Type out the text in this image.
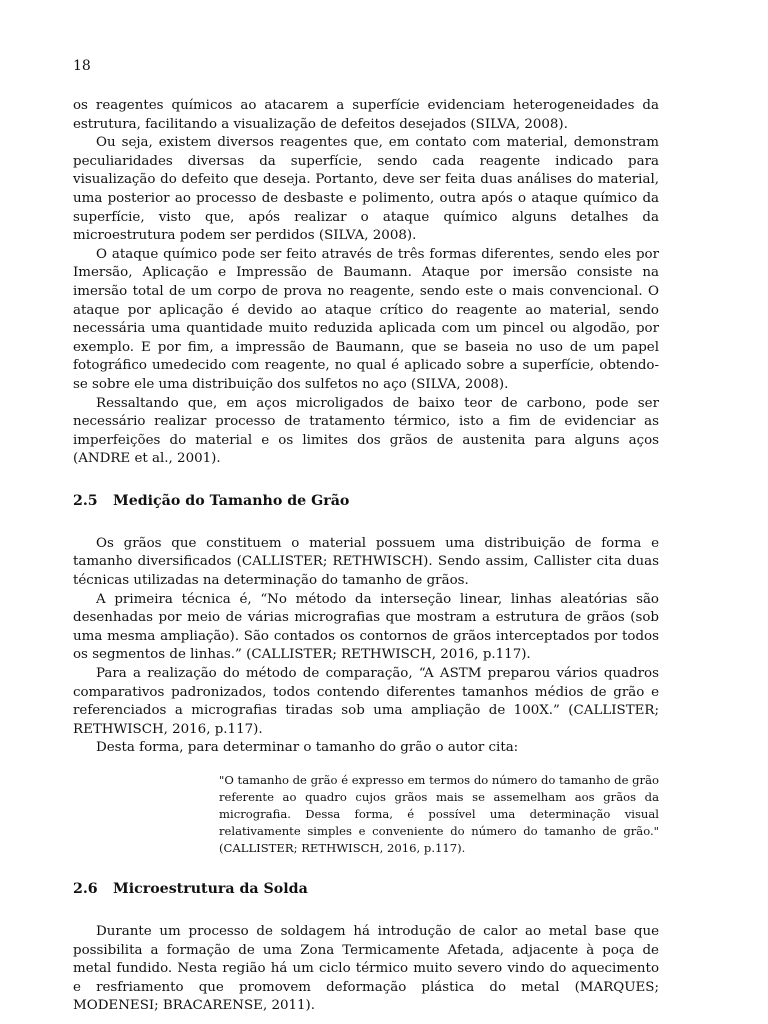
18

os reagentes químicos ao atacarem a superfície evidenciam heterogeneidades da estrutura, facilitando a visualização de defeitos desejados (SILVA, 2008).

Ou seja, existem diversos reagentes que, em contato com material, demonstram peculiaridades diversas da superfície, sendo cada reagente indicado para visualização do defeito que deseja. Portanto, deve ser feita duas análises do material, uma posterior ao processo de desbaste e polimento, outra após o ataque químico da superfície, visto que, após realizar o ataque químico alguns detalhes da microestrutura podem ser perdidos (SILVA, 2008).

O ataque químico pode ser feito através de três formas diferentes, sendo eles por Imersão, Aplicação e Impressão de Baumann. Ataque por imersão consiste na imersão total de um corpo de prova no reagente, sendo este o mais convencional. O ataque por aplicação é devido ao ataque crítico do reagente ao material, sendo necessária uma quantidade muito reduzida aplicada com um pincel ou algodão, por exemplo. E por fim, a impressão de Baumann, que se baseia no uso de um papel fotográfico umedecido com reagente, no qual é aplicado sobre a superfície, obtendo-se sobre ele uma distribuição dos sulfetos no aço (SILVA, 2008).

Ressaltando que, em aços microligados de baixo teor de carbono, pode ser necessário realizar processo de tratamento térmico, isto a fim de evidenciar as imperfeições do material e os limites dos grãos de austenita para alguns aços (ANDRE et al., 2001).

2.5 Medição do Tamanho de Grão

Os grãos que constituem o material possuem uma distribuição de forma e tamanho diversificados (CALLISTER; RETHWISCH). Sendo assim, Callister cita duas técnicas utilizadas na determinação do tamanho de grãos.

A primeira técnica é, “No método da interseção linear, linhas aleatórias são desenhadas por meio de várias micrografias que mostram a estrutura de grãos (sob uma mesma ampliação). São contados os contornos de grãos interceptados por todos os segmentos de linhas.” (CALLISTER; RETHWISCH, 2016, p.117).

Para a realização do método de comparação, “A ASTM preparou vários quadros comparativos padronizados, todos contendo diferentes tamanhos médios de grão e referenciados a micrografias tiradas sob uma ampliação de 100X.” (CALLISTER; RETHWISCH, 2016, p.117).

Desta forma, para determinar o tamanho do grão o autor cita:

"O tamanho de grão é expresso em termos do número do tamanho de grão referente ao quadro cujos grãos mais se assemelham aos grãos da micrografia. Dessa forma, é possível uma determinação visual relativamente simples e conveniente do número do tamanho de grão." (CALLISTER; RETHWISCH, 2016, p.117).

2.6 Microestrutura da Solda

Durante um processo de soldagem há introdução de calor ao metal base que possibilita a formação de uma Zona Termicamente Afetada, adjacente à poça de metal fundido. Nesta região há um ciclo térmico muito severo vindo do aquecimento e resfriamento que promovem deformação plástica do metal (MARQUES; MODENESI; BRACARENSE, 2011).
